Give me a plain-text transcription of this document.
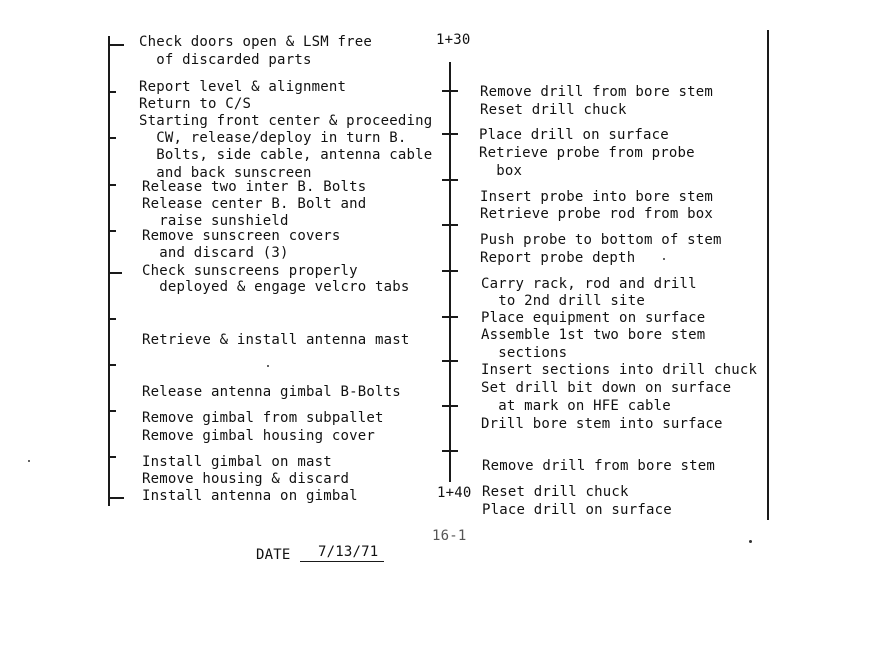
1+30
1+40
Check doors open & LSM free
of discarded parts
Report level & alignment
Return to C/S
Starting front center & proceeding
CW, release/deploy in turn B.
Bolts, side cable, antenna cable
and back sunscreen
Release two inter B. Bolts
Release center B. Bolt and
raise sunshield
Remove sunscreen covers
and discard (3)
Check sunscreens properly
deployed & engage velcro tabs
Retrieve & install antenna mast
Release antenna gimbal B-Bolts
Remove gimbal from subpallet
Remove gimbal housing cover
Install gimbal on mast
Remove housing & discard
Install antenna on gimbal
Remove drill from bore stem
Reset drill chuck
Place drill on surface
Retrieve probe from probe
box
Insert probe into bore stem
Retrieve probe rod from box
Push probe to bottom of stem
Report probe depth
Carry rack, rod and drill
to 2nd drill site
Place equipment on surface
Assemble 1st two bore stem
sections
Insert sections into drill chuck
Set drill bit down on surface
at mark on HFE cable
Drill bore stem into surface
Remove drill from bore stem
Reset drill chuck
Place drill on surface
16-1
DATE 7/13/71
